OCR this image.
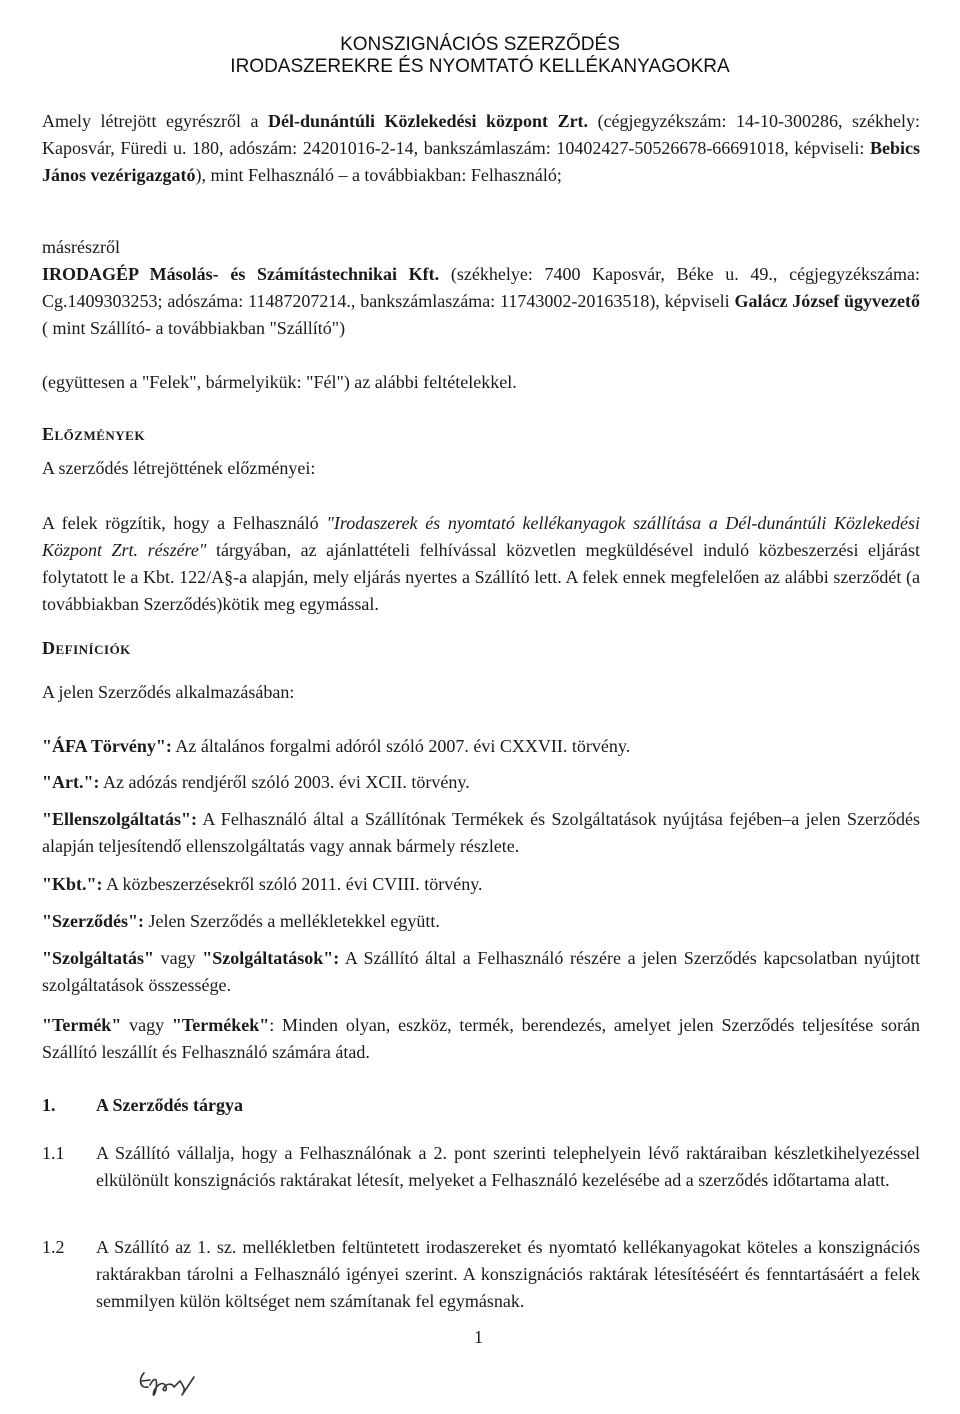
KONSZIGNÁCIÓS SZERZŐDÉS
IRODASZEREKRE ÉS NYOMTATÓ KELLÉKANYAGOKRA

Amely létrejött egyrészről a Dél-dunántúli Közlekedési központ Zrt. (cégjegyzékszám: 14-10-300286, székhely: Kaposvár, Füredi u. 180, adószám: 24201016-2-14, bankszámlaszám: 10402427-50526678-66691018, képviseli: Bebics János vezérigazgató), mint Felhasználó – a továbbiakban: Felhasználó;

másrészről

IRODAGÉP Másolás- és Számítástechnikai Kft. (székhelye: 7400 Kaposvár, Béke u. 49., cégjegyzékszáma: Cg.1409303253; adószáma: 11487207214., bankszámlaszáma: 11743002-20163518), képviseli Galácz József ügyvezető ( mint Szállító- a továbbiakban "Szállító")

(együttesen a "Felek", bármelyikük: "Fél") az alábbi feltételekkel.

Előzmények

A szerződés létrejöttének előzményei:

A felek rögzítik, hogy a Felhasználó "Irodaszerek és nyomtató kellékanyagok szállítása a Dél-dunántúli Közlekedési Központ Zrt. részére" tárgyában, az ajánlattételi felhívással közvetlen megküldésével induló közbeszerzési eljárást folytatott le a Kbt. 122/A§-a alapján, mely eljárás nyertes a Szállító lett. A felek ennek megfelelően az alábbi szerződét (a továbbiakban Szerződés)kötik meg egymással.

Definíciók

A jelen Szerződés alkalmazásában:

"ÁFA Törvény": Az általános forgalmi adóról szóló 2007. évi CXXVII. törvény.

"Art.": Az adózás rendjéről szóló 2003. évi XCII. törvény.

"Ellenszolgáltatás": A Felhasználó által a Szállítónak Termékek és Szolgáltatások nyújtása fejében–a jelen Szerződés alapján teljesítendő ellenszolgáltatás vagy annak bármely részlete.

"Kbt.": A közbeszerzésekről szóló 2011. évi CVIII. törvény.

"Szerződés": Jelen Szerződés a mellékletekkel együtt.

"Szolgáltatás" vagy "Szolgáltatások": A Szállító által a Felhasználó részére a jelen Szerződés kapcsolatban nyújtott szolgáltatások összessége.

"Termék" vagy "Termékek": Minden olyan, eszköz, termék, berendezés, amelyet jelen Szerződés teljesítése során Szállító leszállít és Felhasználó számára átad.

1. A Szerződés tárgya
1.1 A Szállító vállalja, hogy a Felhasználónak a 2. pont szerinti telephelyein lévő raktáraiban készletkihelyezéssel elkülönült konszignációs raktárakat létesít, melyeket a Felhasználó kezelésébe ad a szerződés időtartama alatt.

1.2 A Szállító az 1. sz. mellékletben feltüntetett irodaszereket és nyomtató kellékanyagokat köteles a konszignációs raktárakban tárolni a Felhasználó igényei szerint. A konszignációs raktárak létesítéséért és fenntartásáért a felek semmilyen külön költséget nem számítanak fel egymásnak.

1
